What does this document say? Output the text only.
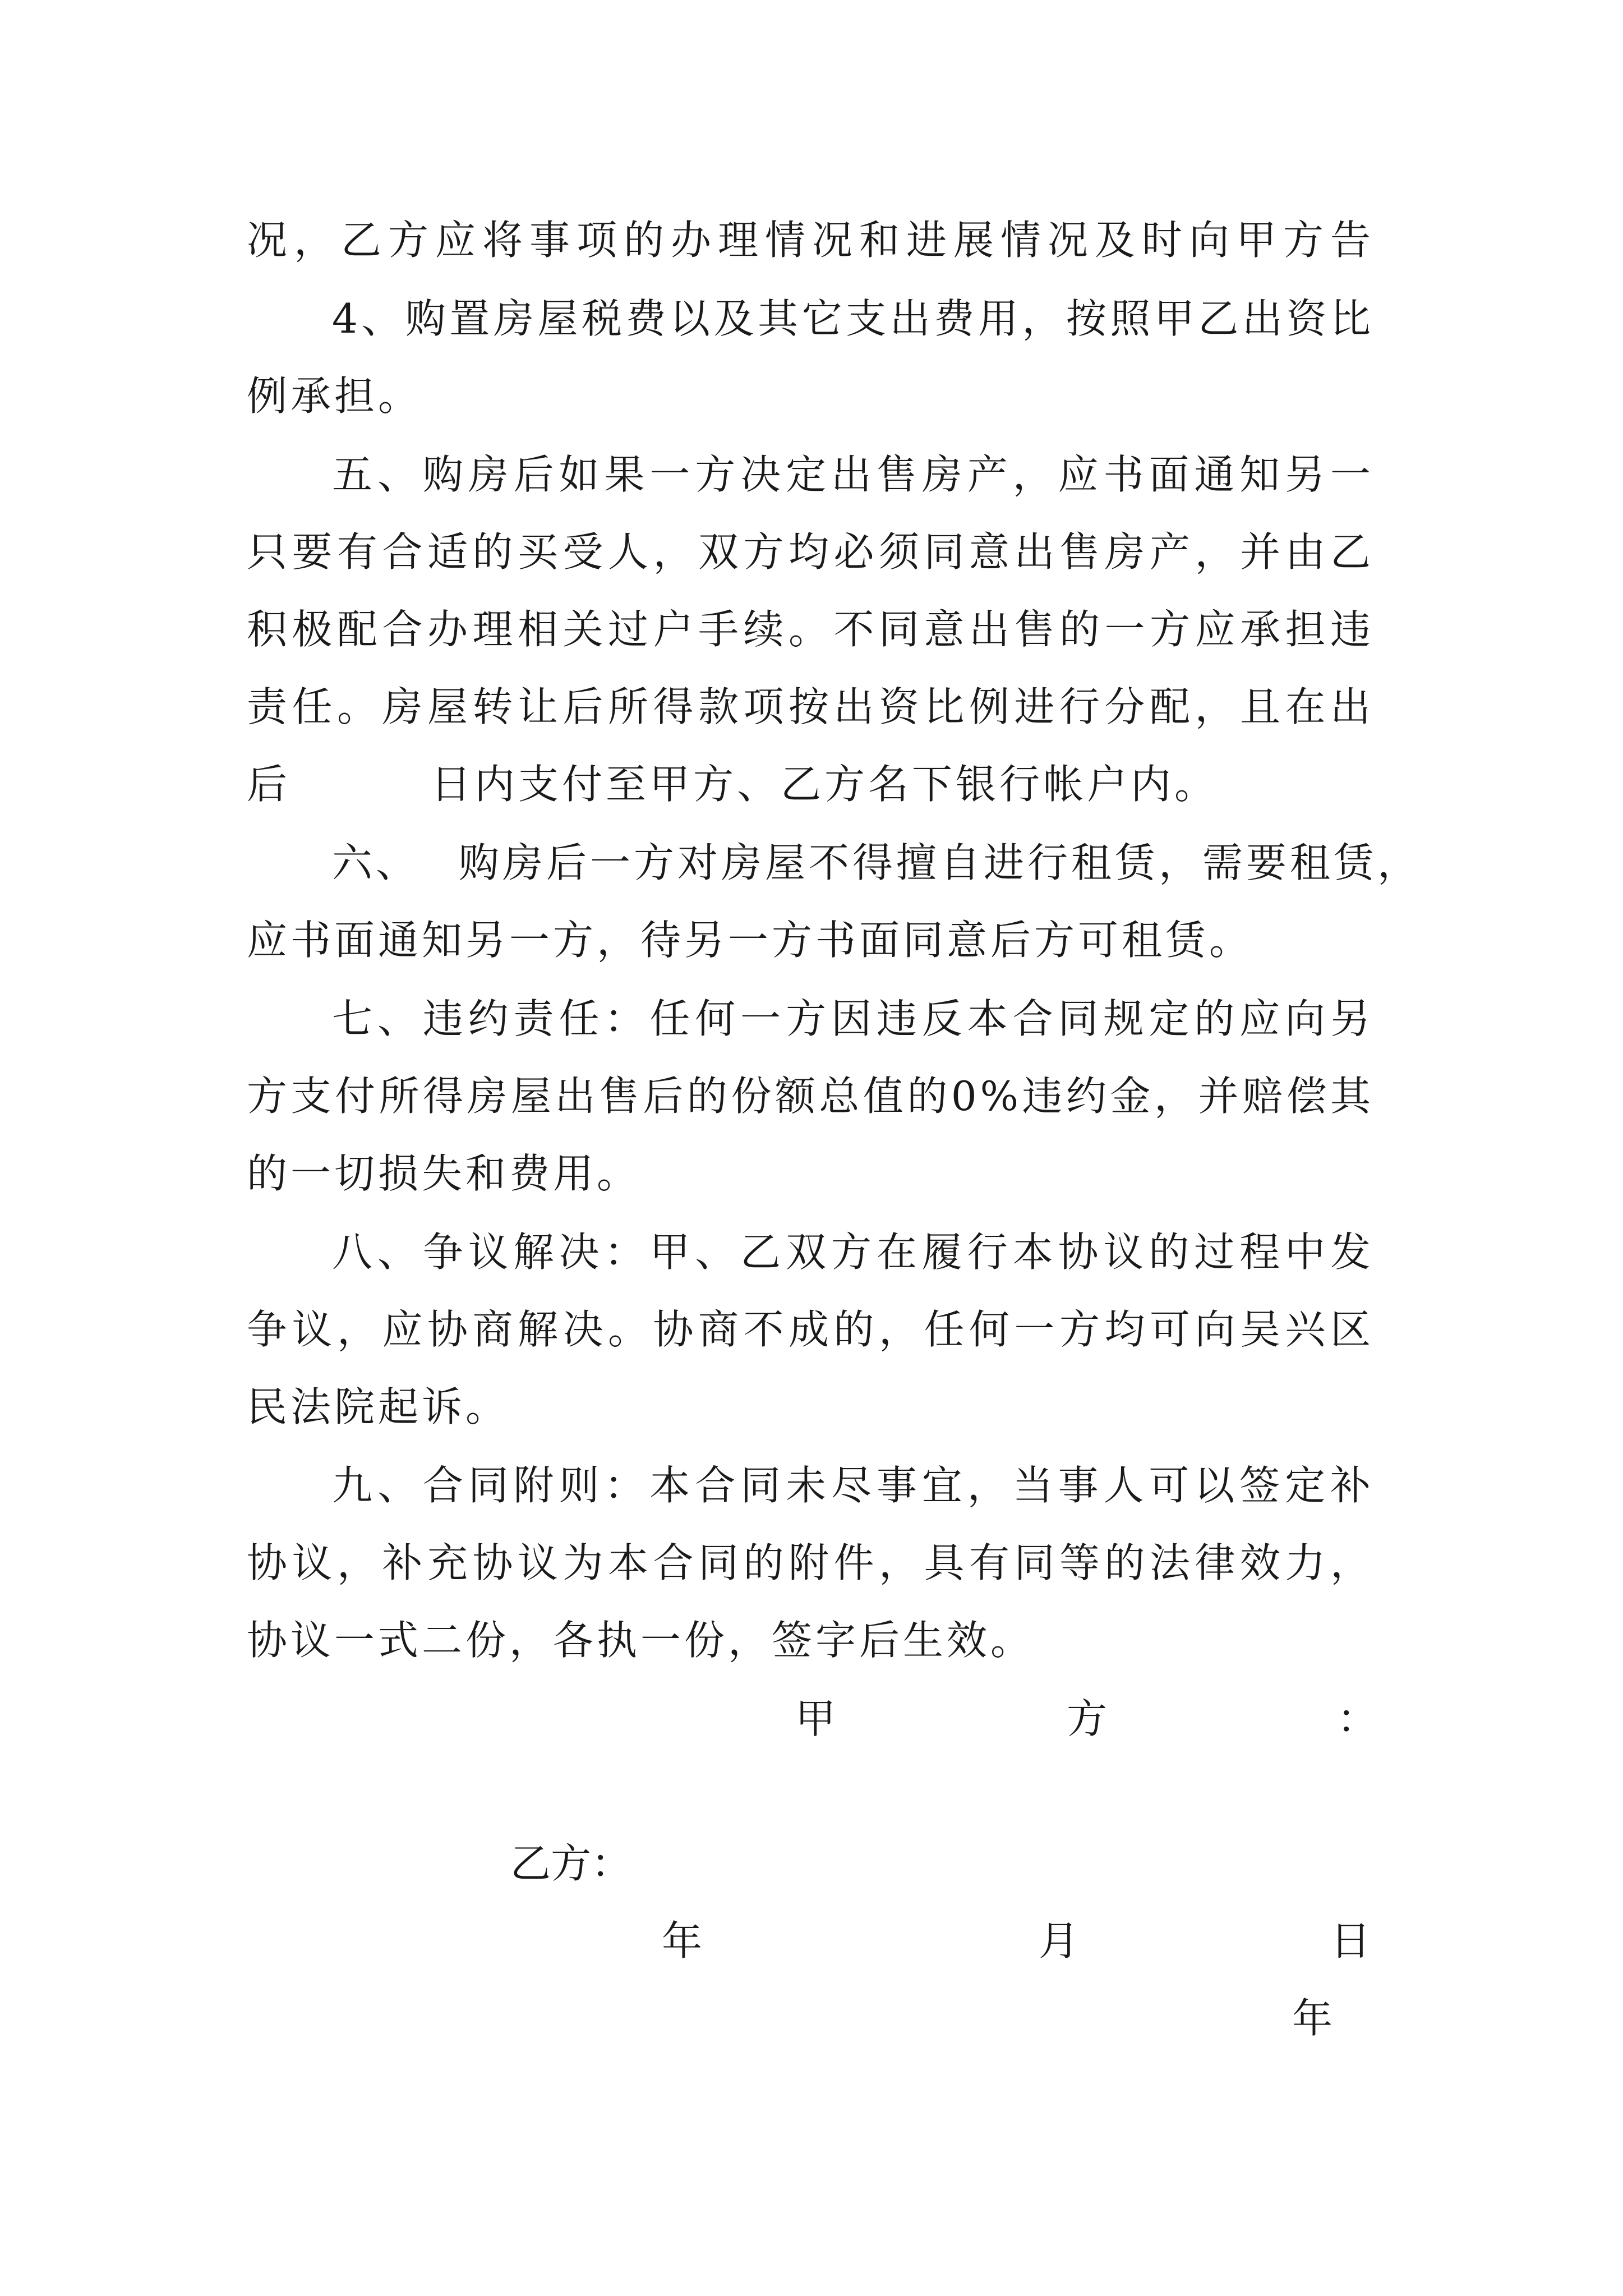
况，乙方应将事项的办理情况和进展情况及时向甲方告
4、购置房屋税费以及其它支出费用，按照甲乙出资比
例承担。
五、购房后如果一方决定出售房产，应书面通知另一
只要有合适的买受人，双方均必须同意出售房产，并由乙
积极配合办理相关过户手续。不同意出售的一方应承担违
责任。房屋转让后所得款项按出资比例进行分配，且在出
后	日内支付至甲方、乙方名下银行帐户内。
六、 购房后一方对房屋不得擅自进行租赁，需要租赁，
应书面通知另一方，待另一方书面同意后方可租赁。
七、违约责任：任何一方因违反本合同规定的应向另
方支付所得房屋出售后的份额总值的0%违约金，并赔偿其
的一切损失和费用。
八、争议解决：甲、乙双方在履行本协议的过程中发
争议，应协商解决。协商不成的，任何一方均可向吴兴区
民法院起诉。
九、合同附则：本合同未尽事宜，当事人可以签定补
协议，补充协议为本合同的附件，具有同等的法律效力，
协议一式二份，各执一份，签字后生效。
甲	方	：
乙方：
年	月	日
年
